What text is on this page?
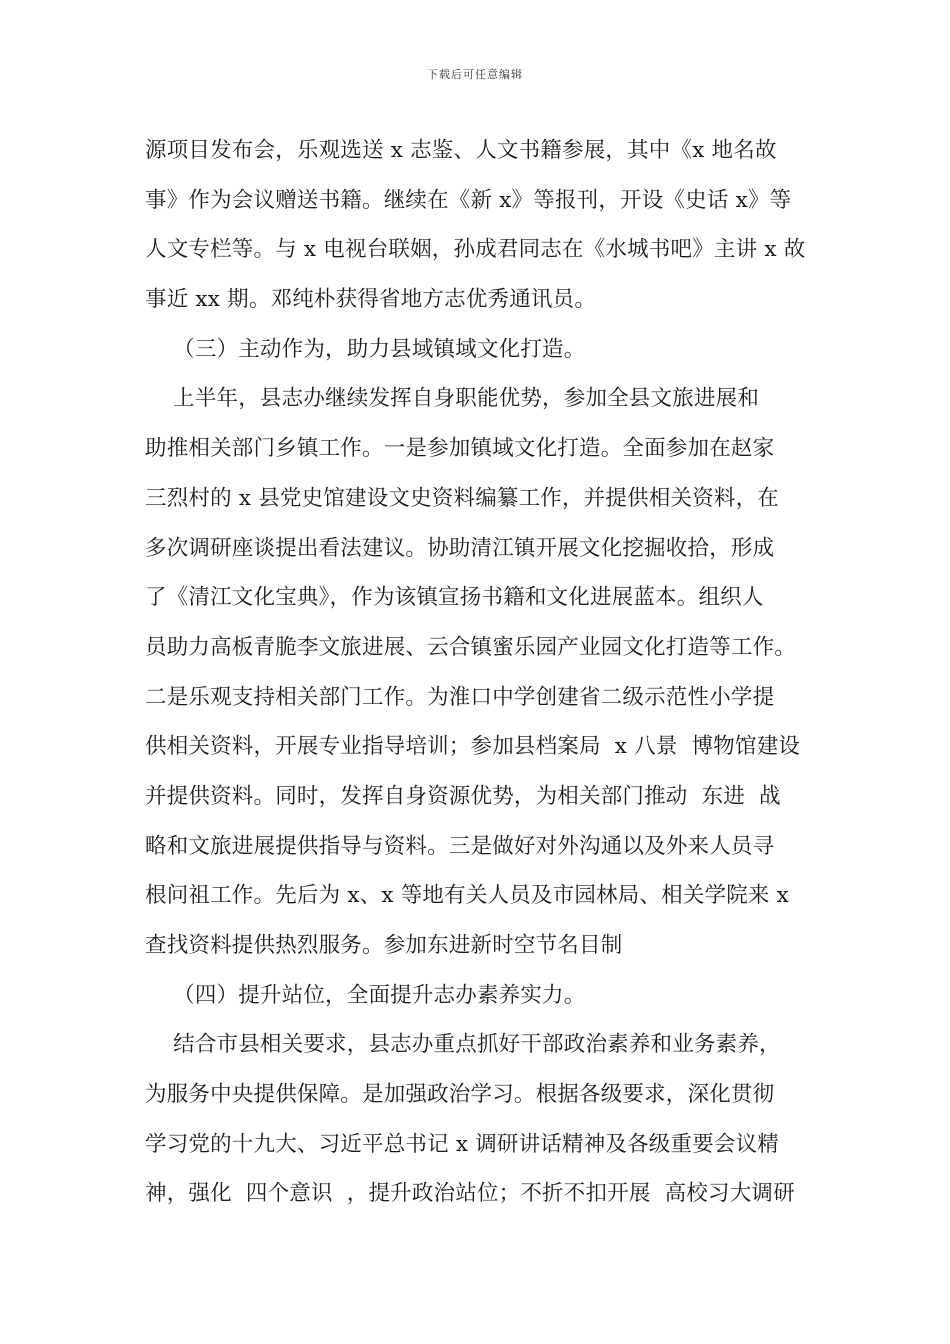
下载后可任意编辑
源项目发布会，乐观选送 x 志鉴、人文书籍参展，其中《x 地名故
事》作为会议赠送书籍。继续在《新 x》等报刊，开设《史话 x》等
人文专栏等。与 x 电视台联姻，孙成君同志在《水城书吧》主讲 x 故
事近 xx 期。邓纯朴获得省地方志优秀通讯员。
（三）主动作为，助力县域镇域文化打造。
上半年，县志办继续发挥自身职能优势，参加全县文旅进展和
助推相关部门乡镇工作。一是参加镇域文化打造。全面参加在赵家
三烈村的 x 县党史馆建设文史资料编纂工作，并提供相关资料，在
多次调研座谈提出看法建议。协助清江镇开展文化挖掘收拾，形成
了《清江文化宝典》，作为该镇宣扬书籍和文化进展蓝本。组织人
员助力高板青脆李文旅进展、云合镇蜜乐园产业园文化打造等工作。
二是乐观支持相关部门工作。为淮口中学创建省二级示范性小学提
供相关资料，开展专业指导培训；参加县档案局  x 八景  博物馆建设
并提供资料。同时，发挥自身资源优势，为相关部门推动  东进  战
略和文旅进展提供指导与资料。三是做好对外沟通以及外来人员寻
根问祖工作。先后为 x、x 等地有关人员及市园林局、相关学院来 x
查找资料提供热烈服务。参加东进新时空节名目制
（四）提升站位，全面提升志办素养实力。
结合市县相关要求，县志办重点抓好干部政治素养和业务素养，
为服务中央提供保障。是加强政治学习。根据各级要求，深化贯彻
学习党的十九大、习近平总书记 x 调研讲话精神及各级重要会议精
神，强化  四个意识  ，提升政治站位；不折不扣开展  高校习大调研
